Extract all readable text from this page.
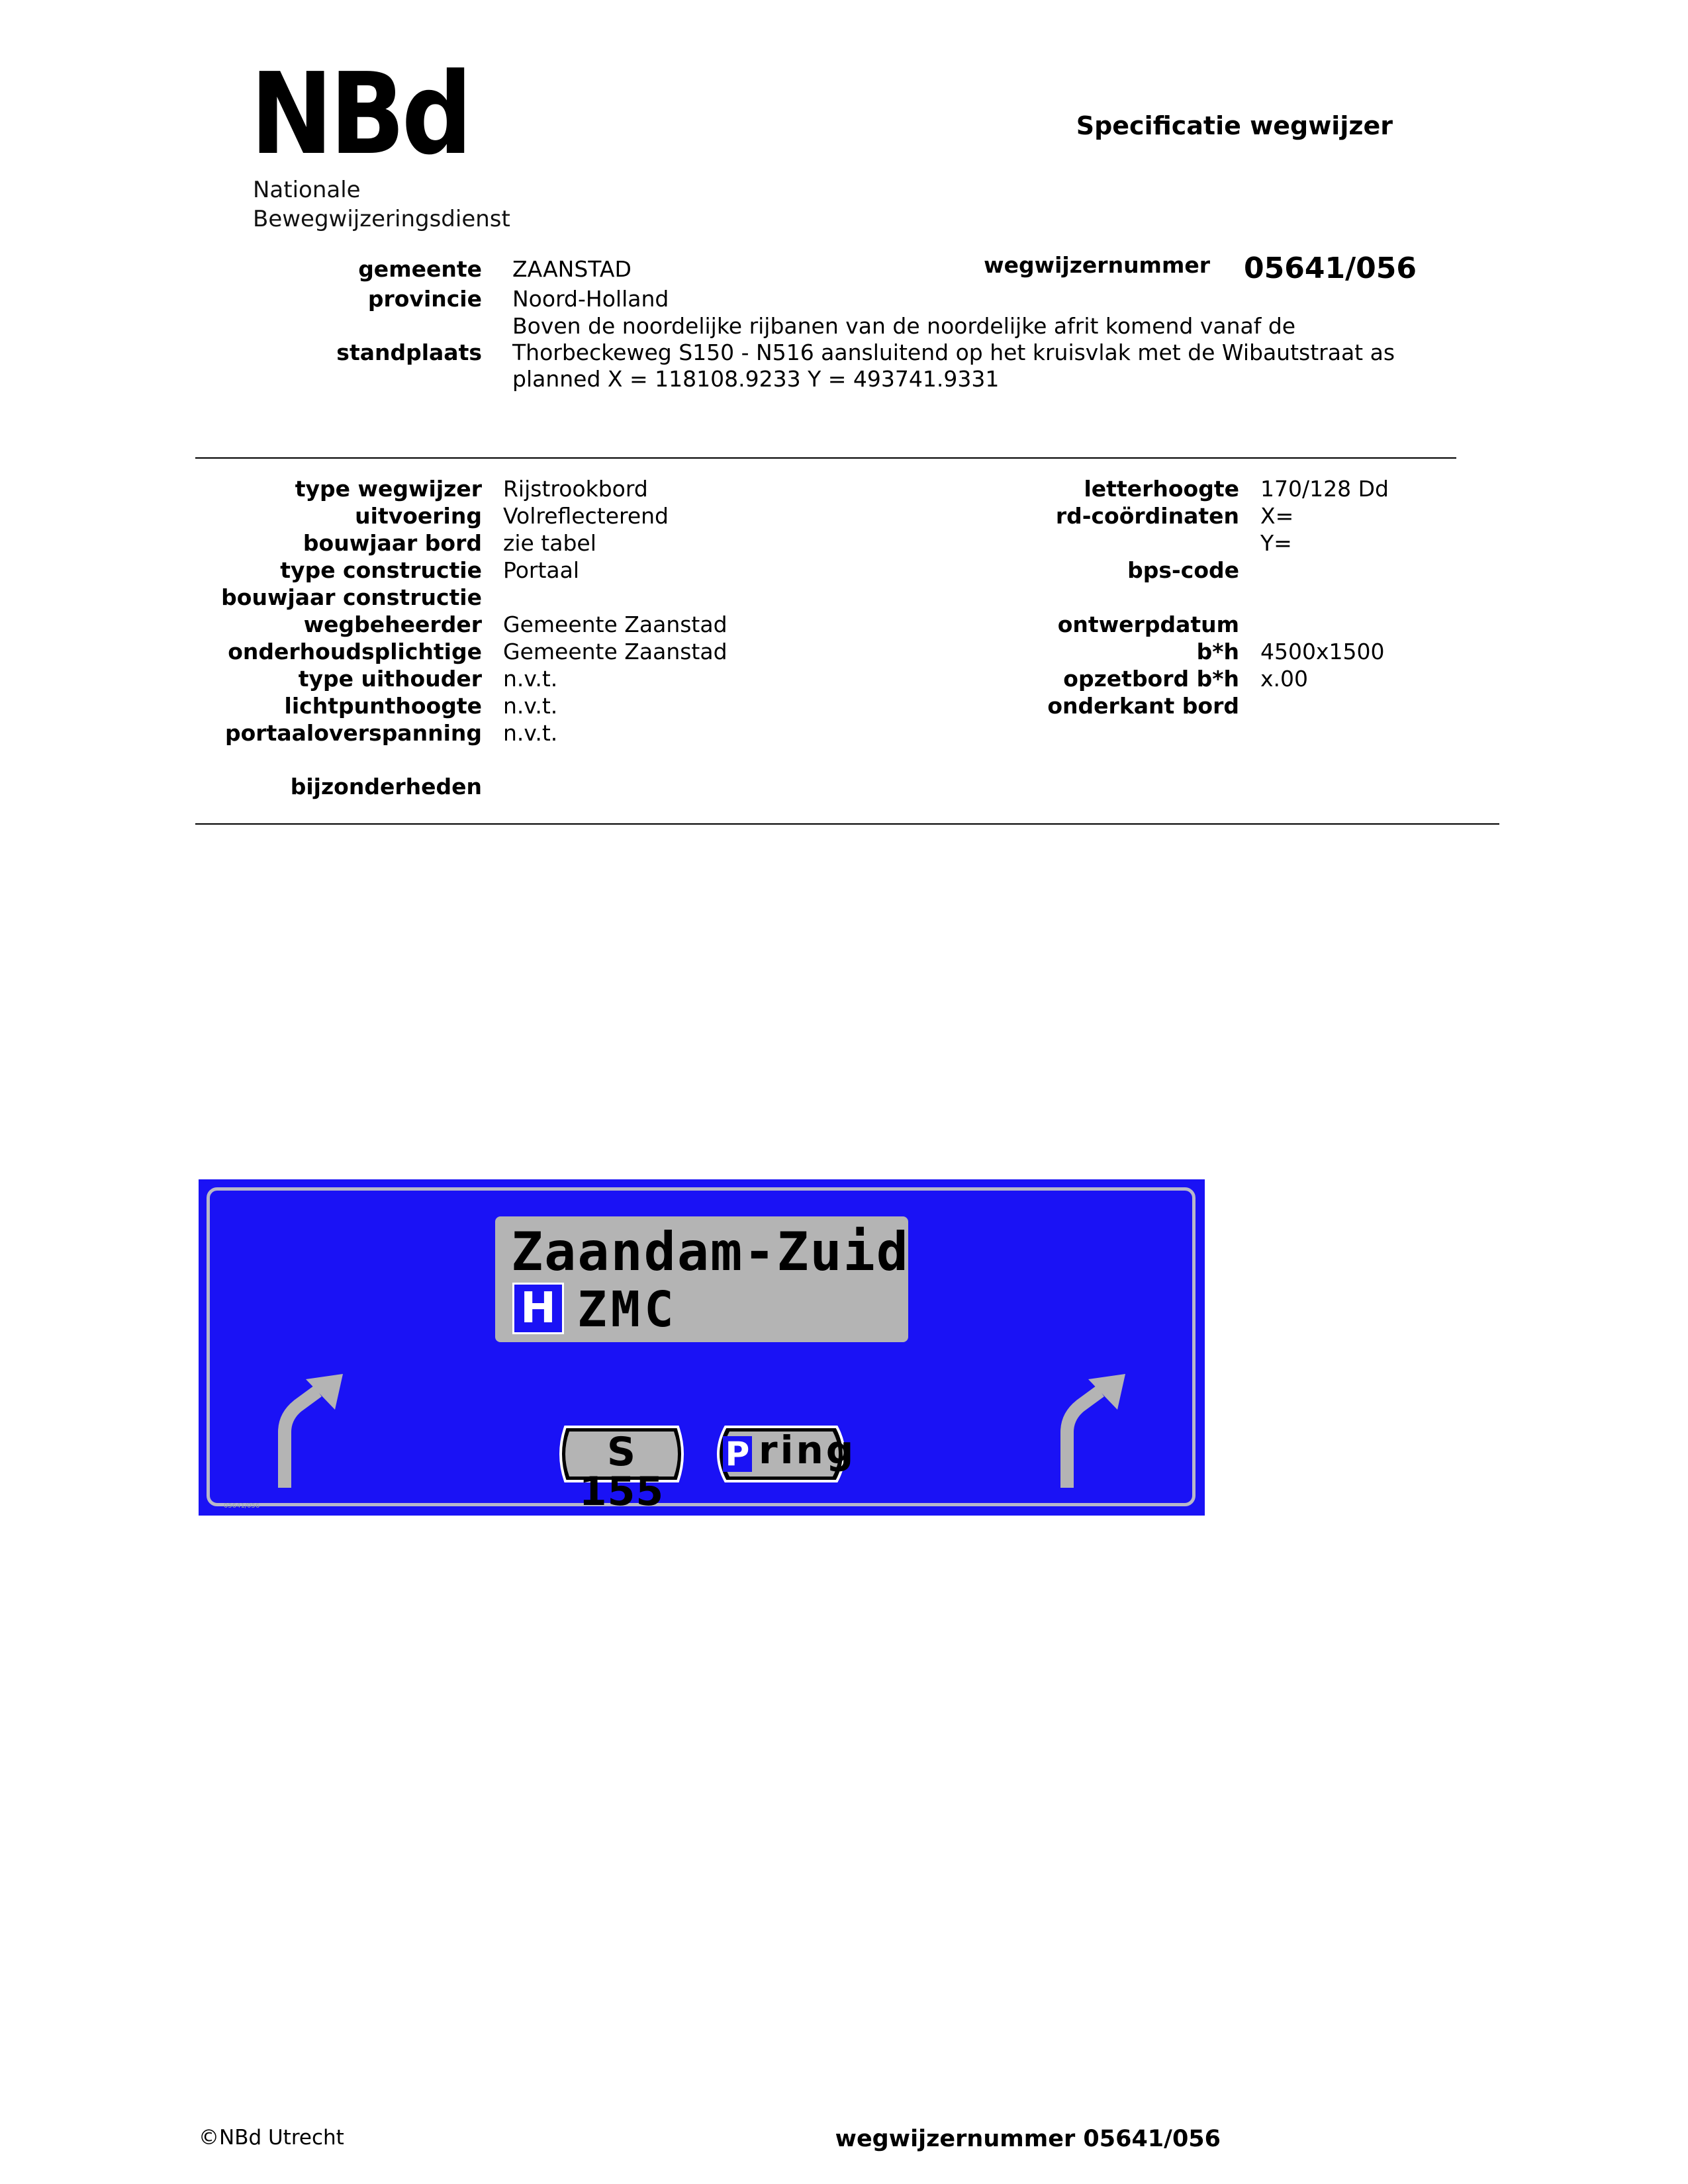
NBd
Nationale
Bewegwijzeringsdienst
Specificatie wegwijzer
gemeente ZAANSTAD
provincie Noord-Holland
standplaats
Boven de noordelijke rijbanen van de noordelijke afrit komend vanaf de
Thorbeckeweg S150 - N516 aansluitend op het kruisvlak met de Wibautstraat as
planned X = 118108.9233 Y = 493741.9331
wegwijzernummer 05641/056
type wegwijzer Rijstrookbord
uitvoering Volreflecterend
bouwjaar bord zie tabel
type constructie Portaal
bouwjaar constructie
wegbeheerder Gemeente Zaanstad
onderhoudsplichtige Gemeente Zaanstad
type uithouder n.v.t.
lichtpunthoogte n.v.t.
portaaloverspanning n.v.t.
letterhoogte 170/128 Dd
rd-coördinaten X=
Y=
bps-code
ontwerpdatum
b*h 4500x1500
opzetbord b*h x.00
onderkant bord
bijzonderheden
Zaandam-Zuid
H ZMC
S 155
P ring
05641/056
©NBd Utrecht	wegwijzernummer 05641/056
